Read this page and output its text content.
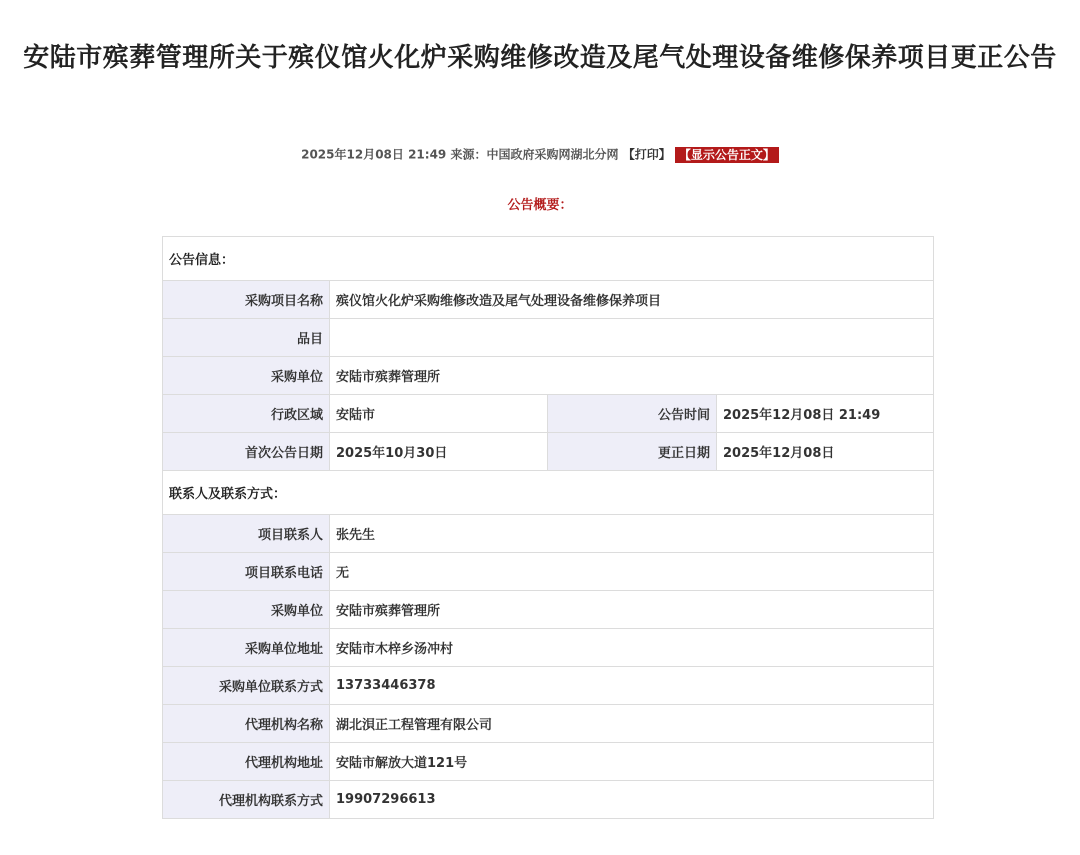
安陆市殡葬管理所关于殡仪馆火化炉采购维修改造及尾气处理设备维修保养项目更正公告
2025年12月08日 21:49 来源：中国政府采购网湖北分网 【打印】 【显示公告正文】
公告概要：
公告信息：			
采购项目名称	殡仪馆火化炉采购维修改造及尾气处理设备维修保养项目		
品目			
采购单位	安陆市殡葬管理所		
行政区域	安陆市	公告时间	2025年12月08日 21:49
首次公告日期	2025年10月30日	更正日期	2025年12月08日
联系人及联系方式：			
项目联系人	张先生		
项目联系电话	无		
采购单位	安陆市殡葬管理所		
采购单位地址	安陆市木梓乡汤冲村		
采购单位联系方式	13733446378		
代理机构名称	湖北浿正工程管理有限公司		
代理机构地址	安陆市解放大道121号		
代理机构联系方式	19907296613		
